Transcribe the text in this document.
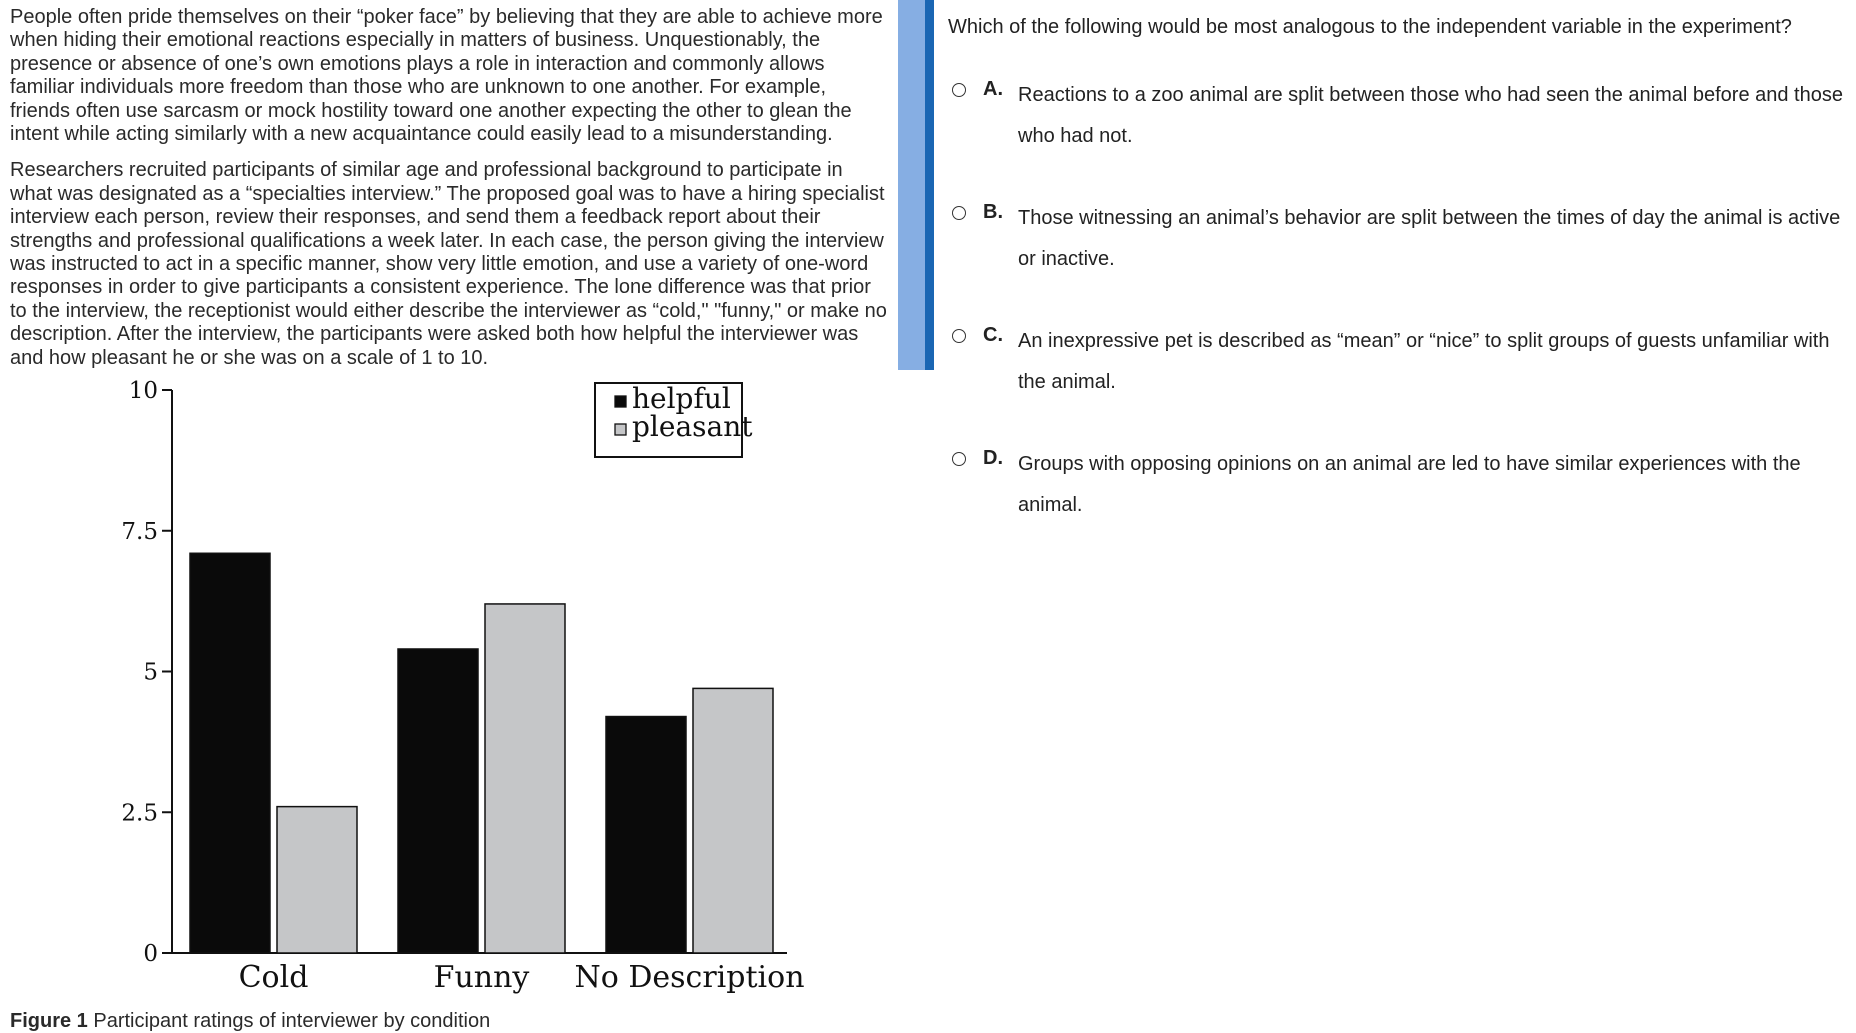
People often pride themselves on their “poker face” by believing that they are able to achieve more when hiding their emotional reactions especially in matters of business. Unquestionably, the presence or absence of one’s own emotions plays a role in interaction and commonly allows familiar individuals more freedom than those who are unknown to one another. For example, friends often use sarcasm or mock hostility toward one another expecting the other to glean the intent while acting similarly with a new acquaintance could easily lead to a misunderstanding.

Researchers recruited participants of similar age and professional background to participate in what was designated as a “specialties interview.” The proposed goal was to have a hiring specialist interview each person, review their responses, and send them a feedback report about their strengths and professional qualifications a week later. In each case, the person giving the interview was instructed to act in a specific manner, show very little emotion, and use a variety of one-word responses in order to give participants a consistent experience. The lone difference was that prior to the interview, the receptionist would either describe the interviewer as “cold," "funny," or make no description. After the interview, the participants were asked both how helpful the interviewer was and how pleasant he or she was on a scale of 1 to 10.

0
2.5
5
7.5
10
Cold	Funny No Description
helpful
pleasant
Figure 1 Participant ratings of interviewer by condition
Which of the following would be most analogous to the independent variable in the experiment?
A. Reactions to a zoo animal are split between those who had seen the animal before and those who had not.
B. Those witnessing an animal’s behavior are split between the times of day the animal is active or inactive.
C. An inexpressive pet is described as “mean” or “nice” to split groups of guests unfamiliar with the animal.
D. Groups with opposing opinions on an animal are led to have similar experiences with the animal.
